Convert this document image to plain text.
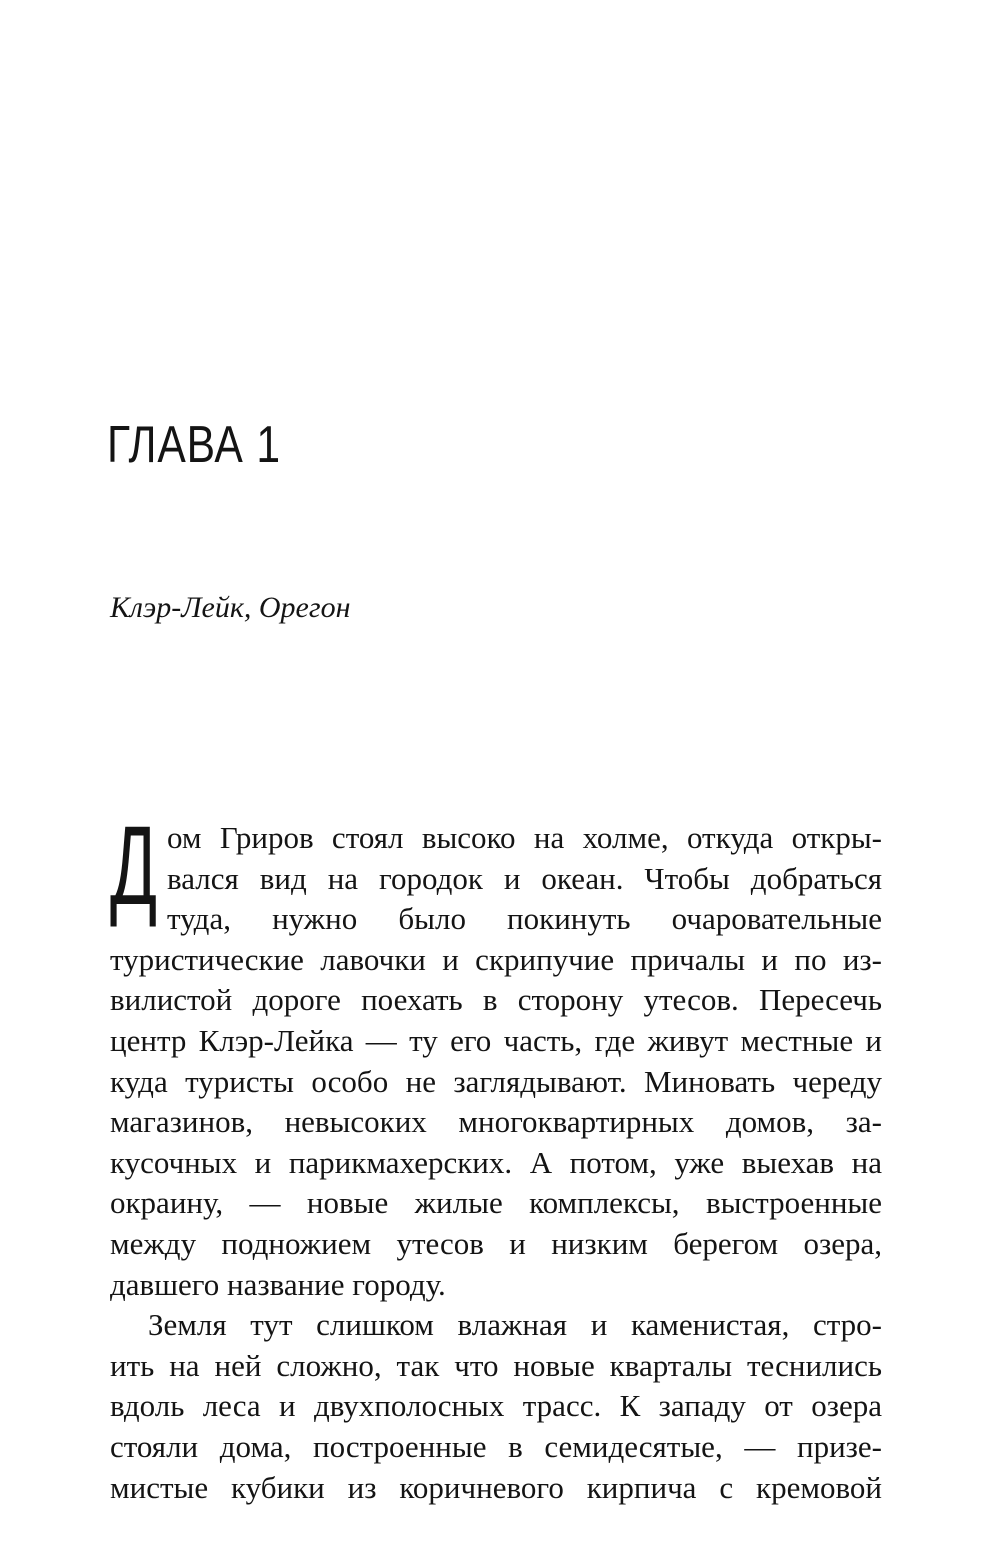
ГЛАВА 1

Клэр-Лейк, Орегон

Д ом Гриров стоял высоко на холме, откуда откры-
вался вид на городок и океан. Чтобы добраться
туда, нужно было покинуть очаровательные
туристические лавочки и скрипучие причалы и по из-
вилистой дороге поехать в сторону утесов. Пересечь
центр Клэр-Лейка — ту его часть, где живут местные и
куда туристы особо не заглядывают. Миновать череду
магазинов, невысоких многоквартирных домов, за-
кусочных и парикмахерских. А потом, уже выехав на
окраину, — новые жилые комплексы, выстроенные
между подножием утесов и низким берегом озера,
давшего название городу.
Земля тут слишком влажная и каменистая, стро-
ить на ней сложно, так что новые кварталы теснились
вдоль леса и двухполосных трасс. К западу от озера
стояли дома, построенные в семидесятые, — призе-
мистые кубики из коричневого кирпича с кремовой
